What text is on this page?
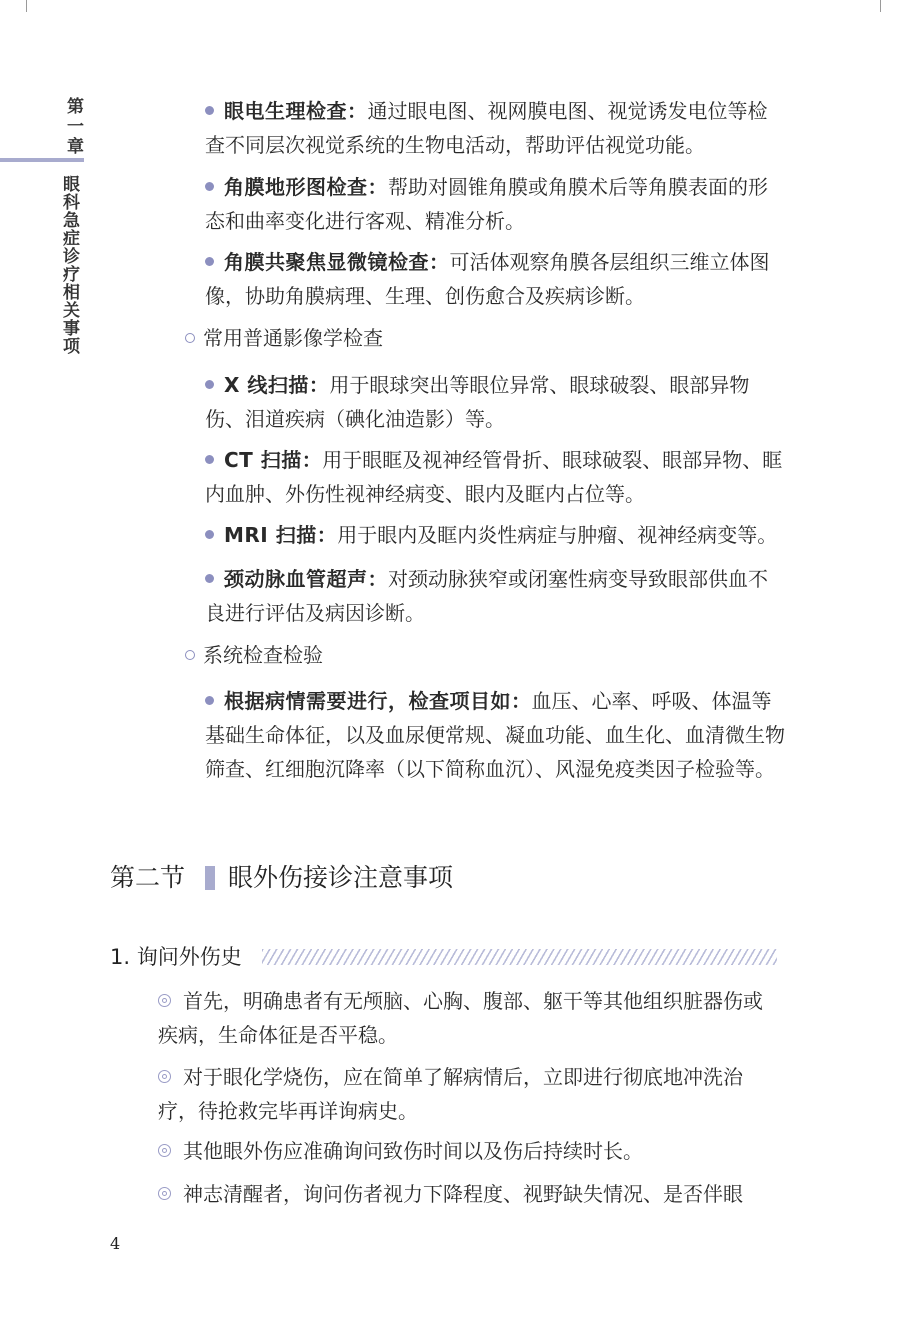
第一章
眼科急症诊疗相关事项

眼电生理检查：通过眼电图、视网膜电图、视觉诱发电位等检查不同层次视觉系统的生物电活动，帮助评估视觉功能。

角膜地形图检查：帮助对圆锥角膜或角膜术后等角膜表面的形态和曲率变化进行客观、精准分析。

角膜共聚焦显微镜检查：可活体观察角膜各层组织三维立体图像，协助角膜病理、生理、创伤愈合及疾病诊断。

常用普通影像学检查

X 线扫描：用于眼球突出等眼位异常、眼球破裂、眼部异物伤、泪道疾病（碘化油造影）等。

CT 扫描：用于眼眶及视神经管骨折、眼球破裂、眼部异物、眶内血肿、外伤性视神经病变、眼内及眶内占位等。

MRI 扫描：用于眼内及眶内炎性病症与肿瘤、视神经病变等。

颈动脉血管超声：对颈动脉狭窄或闭塞性病变导致眼部供血不良进行评估及病因诊断。

系统检查检验

根据病情需要进行，检查项目如：血压、心率、呼吸、体温等基础生命体征，以及血尿便常规、凝血功能、血生化、血清微生物筛查、红细胞沉降率（以下简称血沉）、风湿免疫类因子检验等。

第二节 眼外伤接诊注意事项
1. 询问外伤史

首先，明确患者有无颅脑、心胸、腹部、躯干等其他组织脏器伤或疾病，生命体征是否平稳。

对于眼化学烧伤，应在简单了解病情后，立即进行彻底地冲洗治疗，待抢救完毕再详询病史。

其他眼外伤应准确询问致伤时间以及伤后持续时长。

神志清醒者，询问伤者视力下降程度、视野缺失情况、是否伴眼

4
